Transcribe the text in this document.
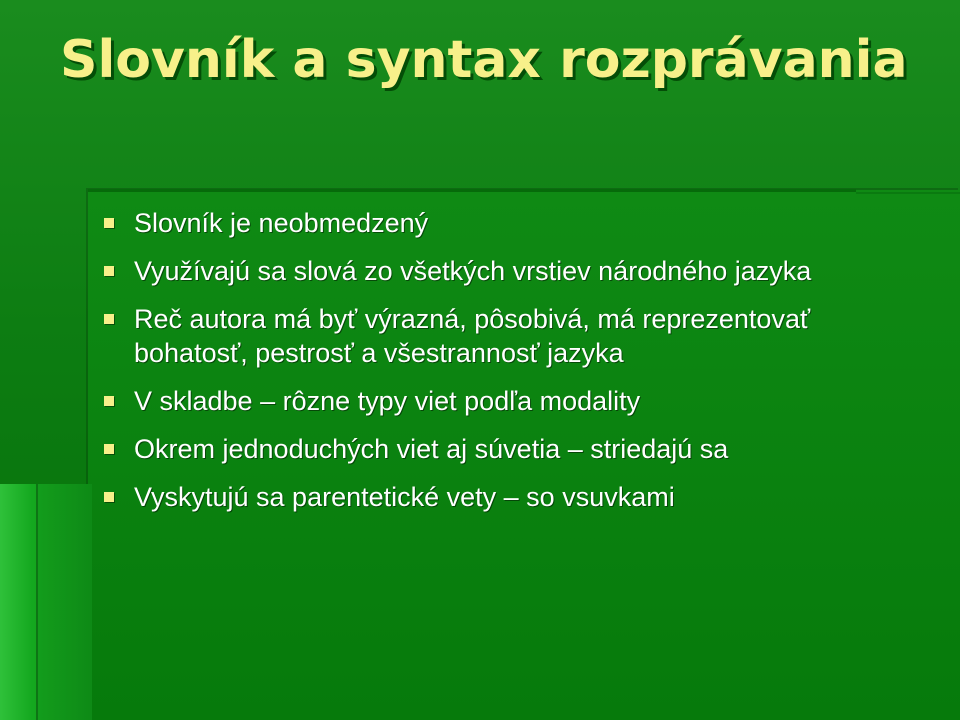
Slovník a syntax rozprávania
Slovník je neobmedzený
Využívajú sa slová zo všetkých vrstiev národného jazyka
Reč autora má byť výrazná, pôsobivá, má reprezentovať bohatosť, pestrosť a všestrannosť jazyka
V skladbe – rôzne typy viet podľa modality
Okrem jednoduchých viet aj súvetia – striedajú sa
Vyskytujú sa parentetické vety – so vsuvkami
